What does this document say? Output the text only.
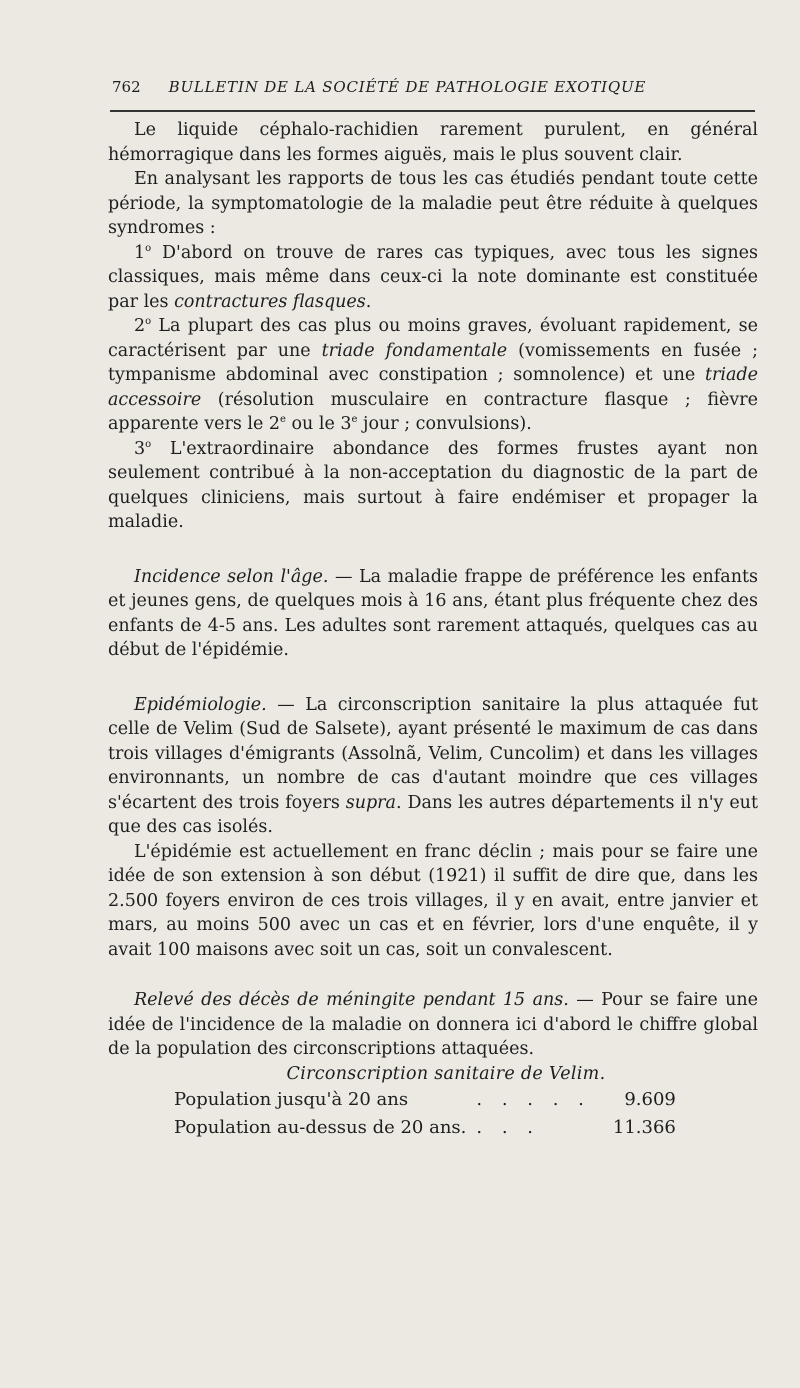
762 BULLETIN DE LA SOCIÉTÉ DE PATHOLOGIE EXOTIQUE

Le liquide céphalo-rachidien rarement purulent, en général hémorragique dans les formes aiguës, mais le plus souvent clair.

En analysant les rapports de tous les cas étudiés pendant toute cette période, la symptomatologie de la maladie peut être réduite à quelques syndromes :

1$^o$ D'abord on trouve de rares cas typiques, avec tous les signes classiques, mais même dans ceux-ci la note dominante est constituée par les contractures flasques.

2$^o$ La plupart des cas plus ou moins graves, évoluant rapidement, se caractérisent par une triade fondamentale (vomissements en fusée ; tympanisme abdominal avec constipation ; somnolence) et une triade accessoire (résolution musculaire en contracture flasque ; fièvre apparente vers le 2e ou le 3e jour ; convulsions).

3$^o$ L'extraordinaire abondance des formes frustes ayant non seulement contribué à la non-acceptation du diagnostic de la part de quelques cliniciens, mais surtout à faire endémiser et propager la maladie.

Incidence selon l'âge. — La maladie frappe de préférence les enfants et jeunes gens, de quelques mois à 16 ans, étant plus fréquente chez des enfants de 4-5 ans. Les adultes sont rarement attaqués, quelques cas au début de l'épidémie.

Epidémiologie. — La circonscription sanitaire la plus attaquée fut celle de Velim (Sud de Salsete), ayant présenté le maximum de cas dans trois villages d'émigrants (Assolnã, Velim, Cuncolim) et dans les villages environnants, un nombre de cas d'autant moindre que ces villages s'écartent des trois foyers supra. Dans les autres départements il n'y eut que des cas isolés.

L'épidémie est actuellement en franc déclin ; mais pour se faire une idée de son extension à son début (1921) il suffit de dire que, dans les 2.500 foyers environ de ces trois villages, il y en avait, entre janvier et mars, au moins 500 avec un cas et en février, lors d'une enquête, il y avait 100 maisons avec soit un cas, soit un convalescent.

Relevé des décès de méningite pendant 15 ans. — Pour se faire une idée de l'incidence de la maladie on donnera ici d'abord le chiffre global de la population des circonscriptions attaquées.

Circonscription sanitaire de Velim.

Population jusqu'à 20 ans	. . . . .	9.609
Population au-dessus de 20 ans.	. . .	11.366
